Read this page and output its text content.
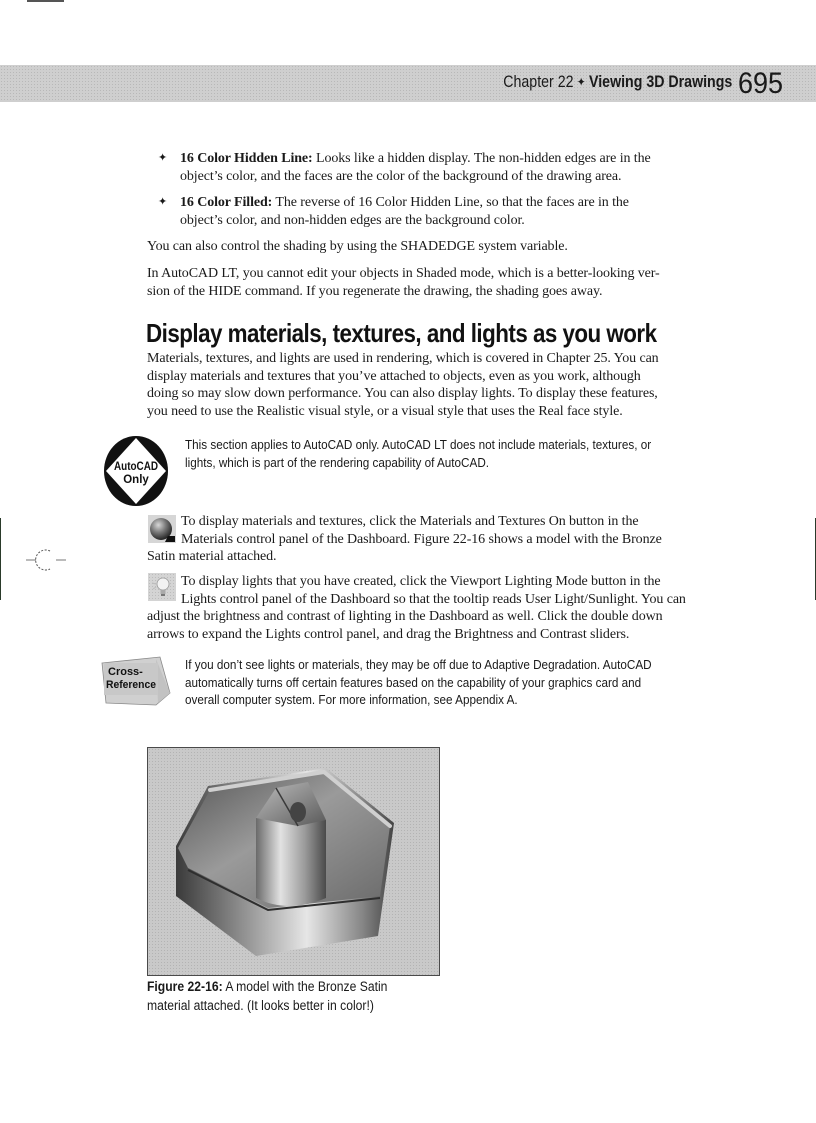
Chapter 22 ✦ Viewing 3D Drawings 695
✦ 16 Color Hidden Line: Looks like a hidden display. The non-hidden edges are in the
object’s color, and the faces are the color of the background of the drawing area.
✦ 16 Color Filled: The reverse of 16 Color Hidden Line, so that the faces are in the
object’s color, and non-hidden edges are the background color.
You can also control the shading by using the SHADEDGE system variable.
In AutoCAD LT, you cannot edit your objects in Shaded mode, which is a better-looking ver-
sion of the HIDE command. If you regenerate the drawing, the shading goes away.
Display materials, textures, and lights as you work
Materials, textures, and lights are used in rendering, which is covered in Chapter 25. You can
display materials and textures that you’ve attached to objects, even as you work, although
doing so may slow down performance. You can also display lights. To display these features,
you need to use the Realistic visual style, or a visual style that uses the Real face style.
AutoCAD
Only
This section applies to AutoCAD only. AutoCAD LT does not include materials, textures, or
lights, which is part of the rendering capability of AutoCAD.
To display materials and textures, click the Materials and Textures On button in the
Materials control panel of the Dashboard. Figure 22-16 shows a model with the Bronze
Satin material attached.
To display lights that you have created, click the Viewport Lighting Mode button in the
Lights control panel of the Dashboard so that the tooltip reads User Light/Sunlight. You can
adjust the brightness and contrast of lighting in the Dashboard as well. Click the double down
arrows to expand the Lights control panel, and drag the Brightness and Contrast sliders.
Cross-
Reference
If you don’t see lights or materials, they may be off due to Adaptive Degradation. AutoCAD
automatically turns off certain features based on the capability of your graphics card and
overall computer system. For more information, see Appendix A.
Figure 22-16: A model with the Bronze Satin
material attached. (It looks better in color!)
